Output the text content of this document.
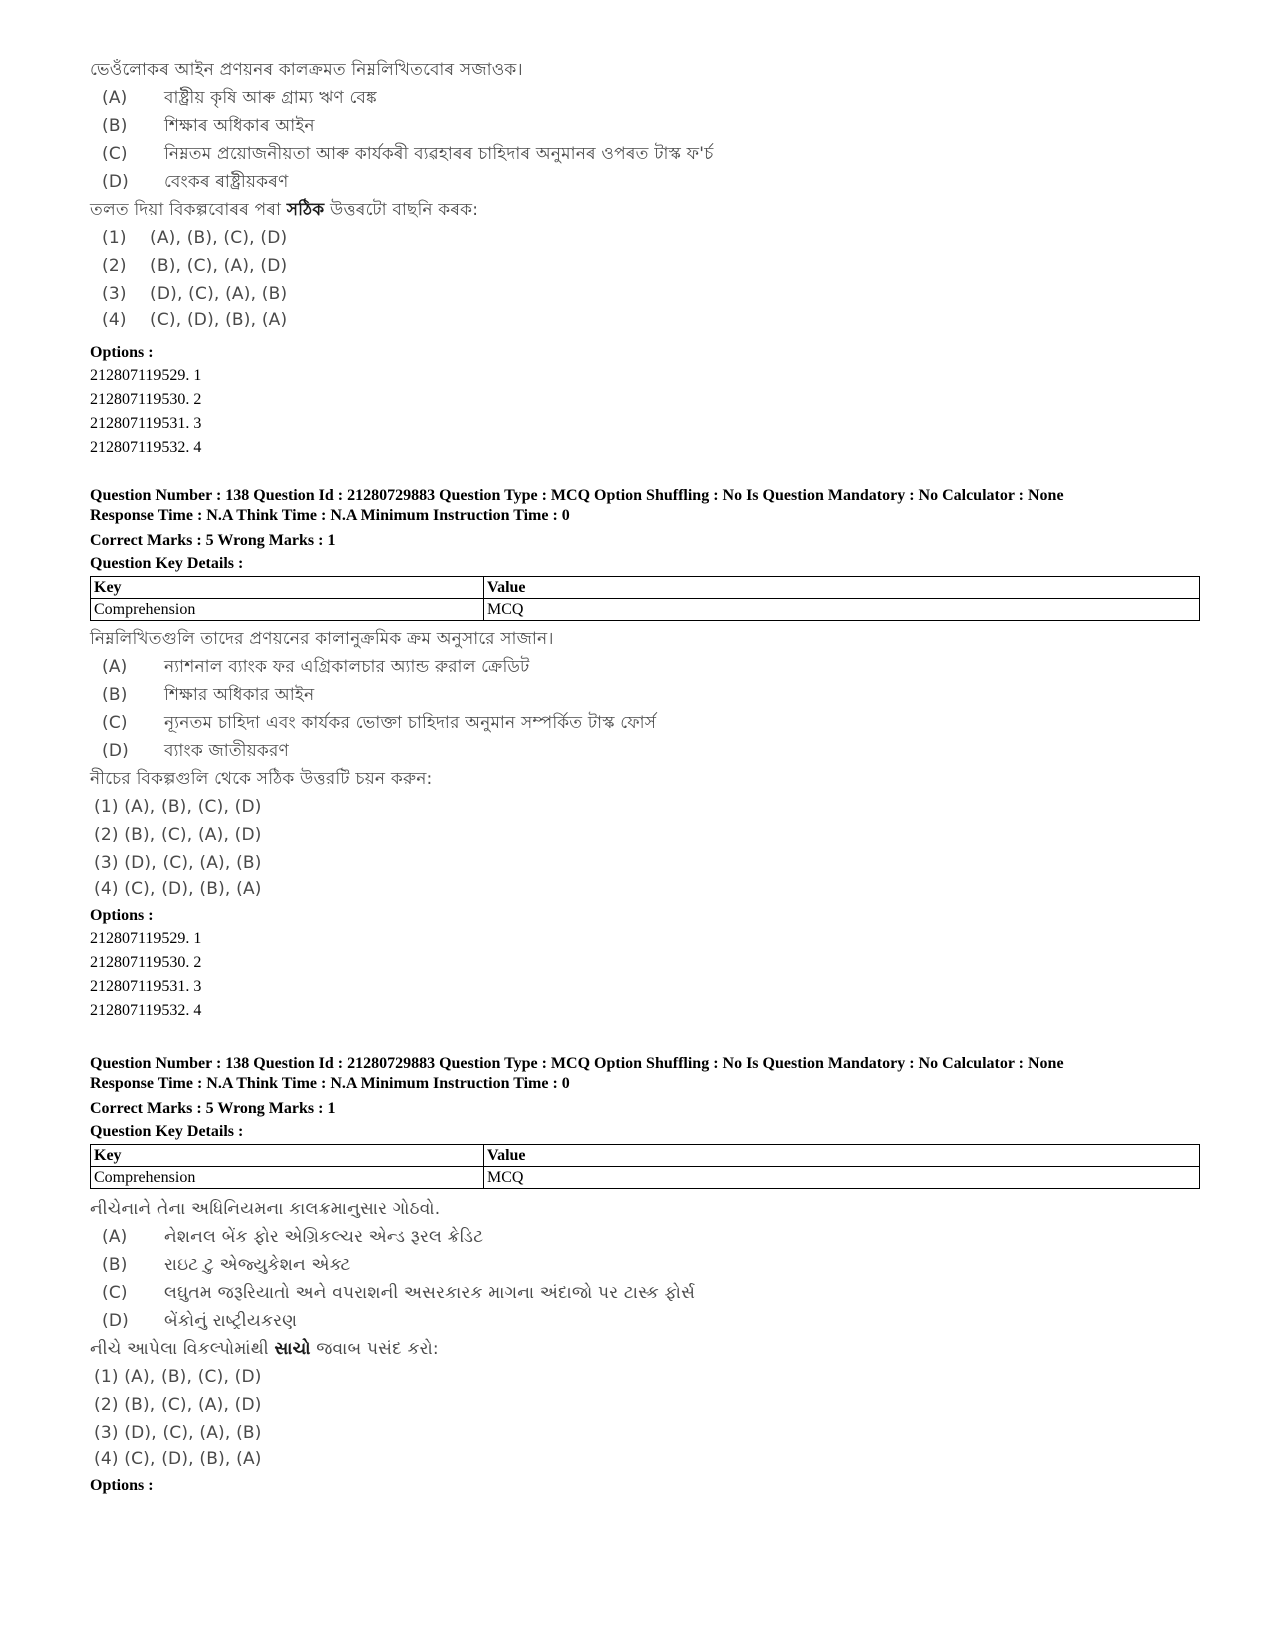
ভেওঁলোকৰ আইন প্ৰণয়নৰ কালক্ৰমত নিম্নলিখিতবোৰ সজাওক।
(A)	বাষ্ট্ৰীয় কৃষি আৰু গ্ৰাম্য ঋণ বেঙ্ক
(B)	শিক্ষাৰ অধিকাৰ আইন
(C)	নিম্নতম প্ৰয়োজনীয়তা আৰু কাৰ্যকৰী ব্যৱহাৰৰ চাহিদাৰ অনুমানৰ ওপৰত টাস্ক ফ'ৰ্চ
(D)	বেংকৰ ৰাষ্ট্ৰীয়কৰণ
তলত দিয়া বিকল্পবোৰৰ পৰা সঠিক উত্তৰটো বাছনি কৰক:
(1)	(A), (B), (C), (D)
(2)	(B), (C), (A), (D)
(3)	(D), (C), (A), (B)
(4)	(C), (D), (B), (A)
Options :
212807119529. 1
212807119530. 2
212807119531. 3
212807119532. 4
Question Number : 138 Question Id : 21280729883 Question Type : MCQ Option Shuffling : No Is Question Mandatory : No Calculator : None
Response Time : N.A Think Time : N.A Minimum Instruction Time : 0
Correct Marks : 5 Wrong Marks : 1
Question Key Details :
Key	Value
Comprehension	MCQ
নিম্নলিখিতগুলি তাদের প্রণয়নের কালানুক্রমিক ক্রম অনুসারে সাজান।
(A)	ন্যাশনাল ব্যাংক ফর এগ্রিকালচার অ্যান্ড রুরাল ক্রেডিট
(B)	শিক্ষার অধিকার আইন
(C)	ন্যূনতম চাহিদা এবং কার্যকর ভোক্তা চাহিদার অনুমান সম্পর্কিত টাস্ক ফোর্স
(D)	ব্যাংক জাতীয়করণ
নীচের বিকল্পগুলি থেকে সঠিক উত্তরটি চয়ন করুন:
(1) (A), (B), (C), (D)
(2) (B), (C), (A), (D)
(3) (D), (C), (A), (B)
(4) (C), (D), (B), (A)
Options :
212807119529. 1
212807119530. 2
212807119531. 3
212807119532. 4
Question Number : 138 Question Id : 21280729883 Question Type : MCQ Option Shuffling : No Is Question Mandatory : No Calculator : None
Response Time : N.A Think Time : N.A Minimum Instruction Time : 0
Correct Marks : 5 Wrong Marks : 1
Question Key Details :
Key	Value
Comprehension	MCQ
નીચેનાને તેના અધિનિયમના કાલક્રમાનુસાર ગોઠવો.
(A)	નેશનલ બેંક ફોર એગ્રિકલ્ચર એન્ડ રૂરલ ક્રેડિટ
(B)	રાઇટ ટુ એજ્યુકેશન એક્ટ
(C)	લઘુતમ જરૂરિયાતો અને વપરાશની અસરકારક માગના અંદાજો પર ટાસ્ક ફોર્સ
(D)	બેંકોનું રાષ્ટ્રીયકરણ
નીચે આપેલા વિકલ્પોમાંથી સાચો જવાબ પસંદ કરો:
(1) (A), (B), (C), (D)
(2) (B), (C), (A), (D)
(3) (D), (C), (A), (B)
(4) (C), (D), (B), (A)
Options :
